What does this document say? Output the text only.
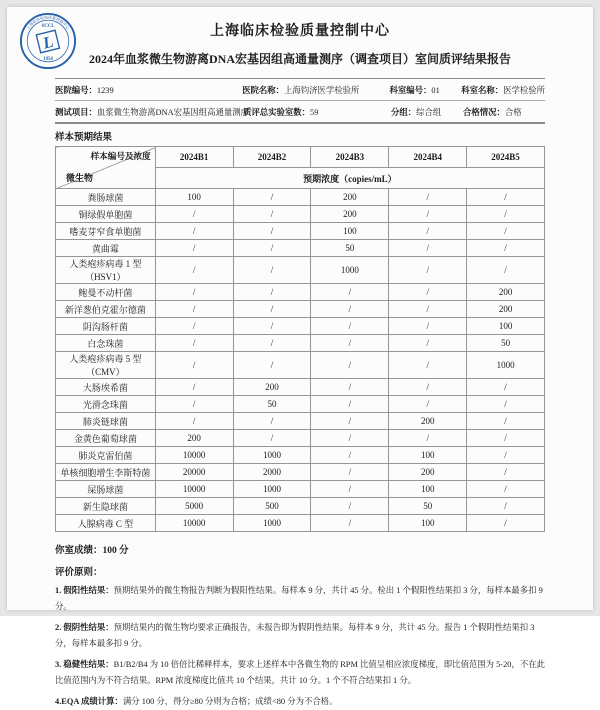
上海临床检验质量控制中心
SCCL
L
1954
上海临床检验质量控制中心
2024年血浆微生物游离DNA宏基因组高通量测序（调查项目）室间质评结果报告
医院编号：1239	医院名称：上海钧济医学检验所	科室编号：01	科室名称：医学检验所
测试项目：血浆微生物游离DNA宏基因组高通量测序
质评总实验室数：59	分组：综合组	合格情况：合格
样本预期结果
样本编号及浓度
微生物	2024B1	2024B2	2024B3	2024B4	2024B5
	预期浓度（copies/mL）				
粪肠球菌	100	/	200	/	/
铜绿假单胞菌	/	/	200	/	/
嗜麦芽窄食单胞菌	/	/	100	/	/
黄曲霉	/	/	50	/	/
人类疱疹病毒 1 型（HSV1）	/	/	1000	/	/
鲍曼不动杆菌	/	/	/	/	200
新洋葱伯克霍尔德菌	/	/	/	/	200
阴沟肠杆菌	/	/	/	/	100
白念珠菌	/	/	/	/	50
人类疱疹病毒 5 型（CMV）	/	/	/	/	1000
大肠埃希菌	/	200	/	/	/
光滑念珠菌	/	50	/	/	/
肺炎链球菌	/	/	/	200	/
金黄色葡萄球菌	200	/	/	/	/
肺炎克雷伯菌	10000	1000	/	100	/
单核细胞增生李斯特菌	20000	2000	/	200	/
屎肠球菌	10000	1000	/	100	/
新生隐球菌	5000	500	/	50	/
人腺病毒 C 型	10000	1000	/	100	/
你室成绩：100 分
评价原则：
1. 假阳性结果：预期结果外的微生物报告判断为假阳性结果。每样本 9 分，共计 45 分。检出 1 个假阳性结果扣 3 分，每样本最多扣 9 分。
2. 假阴性结果：预期结果内的微生物均要求正确报告，未报告即为假阴性结果。每样本 9 分，共计 45 分。报告 1 个假阴性结果扣 3 分，每样本最多扣 9 分。
3. 稳健性结果：B1/B2/B4 为 10 倍倍比稀释样本，要求上述样本中各微生物的 RPM 比值呈相应浓度梯度，即比值范围为 5-20，不在此比值范围内为不符合结果。RPM 浓度梯度比值共 10 个结果，共计 10 分。1 个不符合结果扣 1 分。
4.EQA 成绩计算：满分 100 分，得分≥80 分则为合格；成绩<80 分为不合格。
